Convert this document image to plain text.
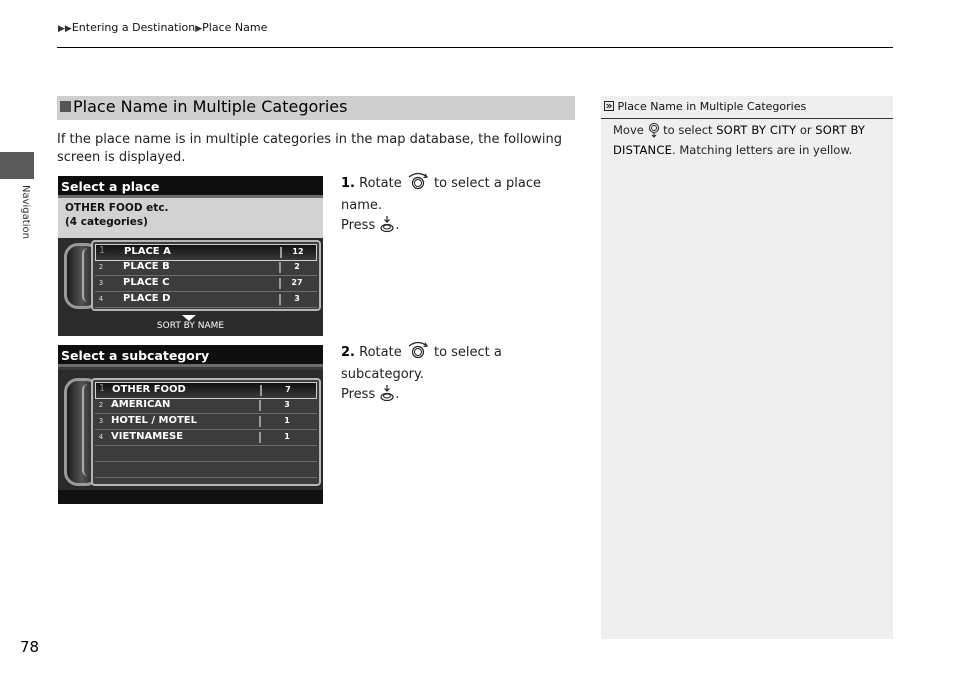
▶▶Entering a Destination▶Place Name
Navigation
78
Place Name in Multiple Categories
If the place name is in multiple categories in the map database, the following screen is displayed.
Select a place
OTHER FOOD etc.
(4 categories)
1 PLACE A	12
2 PLACE B	2
3 PLACE C	27
4 PLACE D	3
SORT BY NAME
Select a subcategory
1 OTHER FOOD	7
2 AMERICAN	3
3 HOTEL / MOTEL	1
4 VIETNAMESE	1
1. Rotate to select a place name.
Press .
2. Rotate to select a subcategory.
Press .
Place Name in Multiple Categories
Move to select SORT BY CITY or SORT BY DISTANCE. Matching letters are in yellow.
